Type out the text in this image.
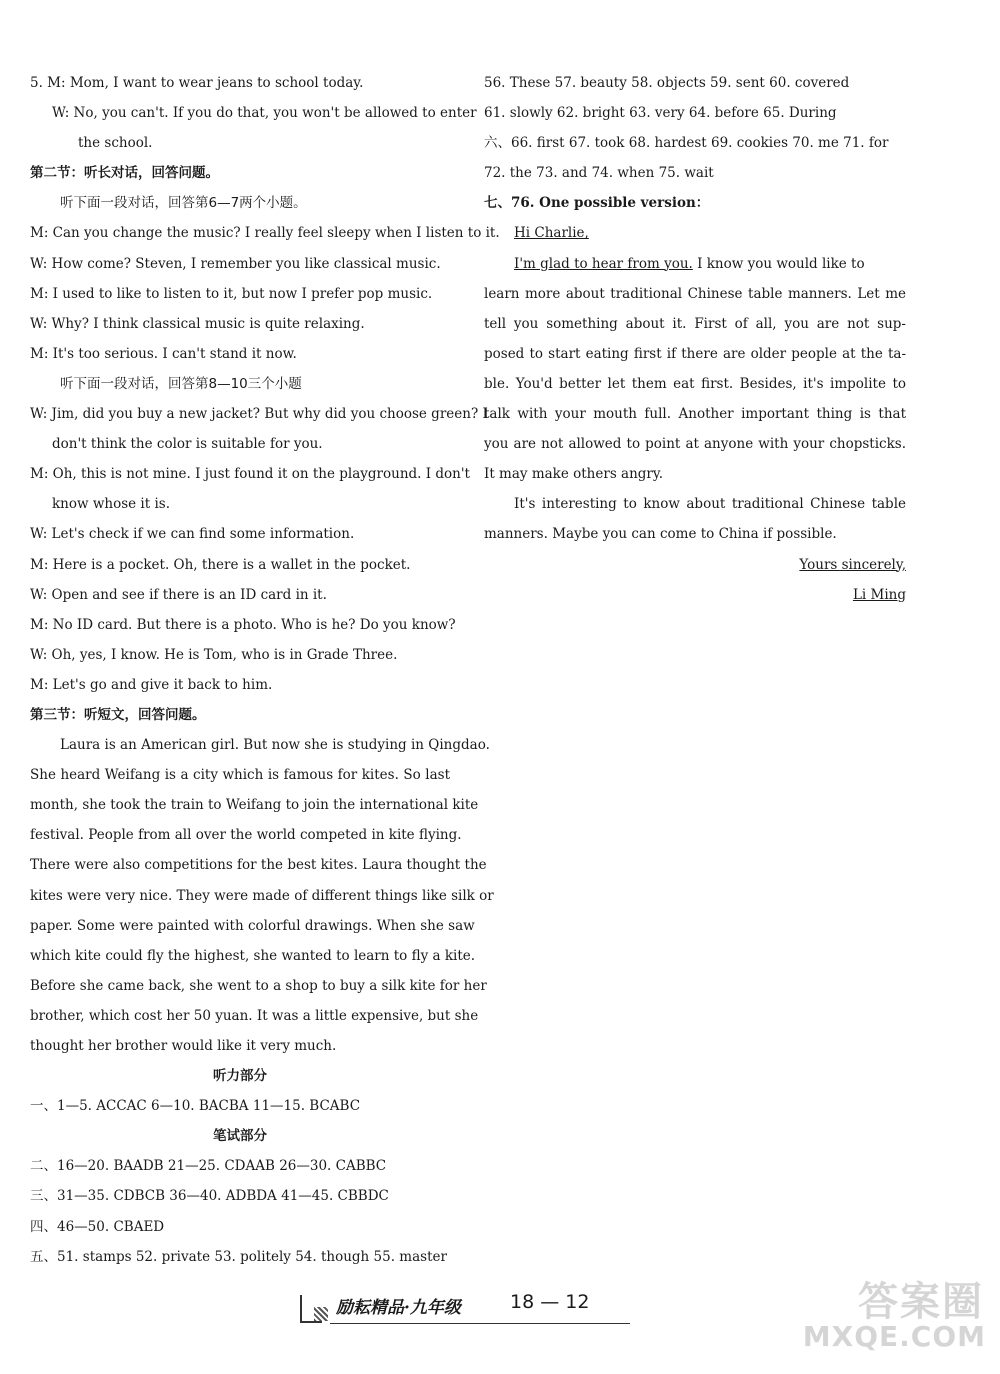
5. M: Mom, I want to wear jeans to school today.
W: No, you can't. If you do that, you won't be allowed to enter
the school.
第二节：听长对话，回答问题。
听下面一段对话，回答第6—7两个小题。
M: Can you change the music? I really feel sleepy when I listen to it.
W: How come? Steven, I remember you like classical music.
M: I used to like to listen to it, but now I prefer pop music.
W: Why? I think classical music is quite relaxing.
M: It's too serious. I can't stand it now.
听下面一段对话，回答第8—10三个小题
W: Jim, did you buy a new jacket? But why did you choose green? I
don't think the color is suitable for you.
M: Oh, this is not mine. I just found it on the playground. I don't
know whose it is.
W: Let's check if we can find some information.
M: Here is a pocket. Oh, there is a wallet in the pocket.
W: Open and see if there is an ID card in it.
M: No ID card. But there is a photo. Who is he? Do you know?
W: Oh, yes, I know. He is Tom, who is in Grade Three.
M: Let's go and give it back to him.
第三节：听短文，回答问题。
Laura is an American girl. But now she is studying in Qingdao.
She heard Weifang is a city which is famous for kites. So last
month, she took the train to Weifang to join the international kite
festival. People from all over the world competed in kite flying.
There were also competitions for the best kites. Laura thought the
kites were very nice. They were made of different things like silk or
paper. Some were painted with colorful drawings. When she saw
which kite could fly the highest, she wanted to learn to fly a kite.
Before she came back, she went to a shop to buy a silk kite for her
brother, which cost her 50 yuan. It was a little expensive, but she
thought her brother would like it very much.
听力部分
一、1—5. ACCAC 6—10. BACBA 11—15. BCABC
笔试部分
二、16—20. BAADB 21—25. CDAAB 26—30. CABBC
三、31—35. CDBCB 36—40. ADBDA 41—45. CBBDC
四、46—50. CBAED
五、51. stamps 52. private 53. politely 54. though 55. master
56. These 57. beauty 58. objects 59. sent 60. covered
61. slowly 62. bright 63. very 64. before 65. During
六、66. first 67. took 68. hardest 69. cookies 70. me 71. for
72. the 73. and 74. when 75. wait
七、76. One possible version：
Hi Charlie,
I'm glad to hear from you. I know you would like to
learn more about traditional Chinese table manners. Let me
tell you something about it. First of all, you are not sup-
posed to start eating first if there are older people at the ta-
ble. You'd better let them eat first. Besides, it's impolite to
talk with your mouth full. Another important thing is that
you are not allowed to point at anyone with your chopsticks.
It may make others angry.
It's interesting to know about traditional Chinese table
manners. Maybe you can come to China if possible.
Yours sincerely,
Li Ming
励耘精品·九年级	18 — 12	答案圈
MXQE.COM
